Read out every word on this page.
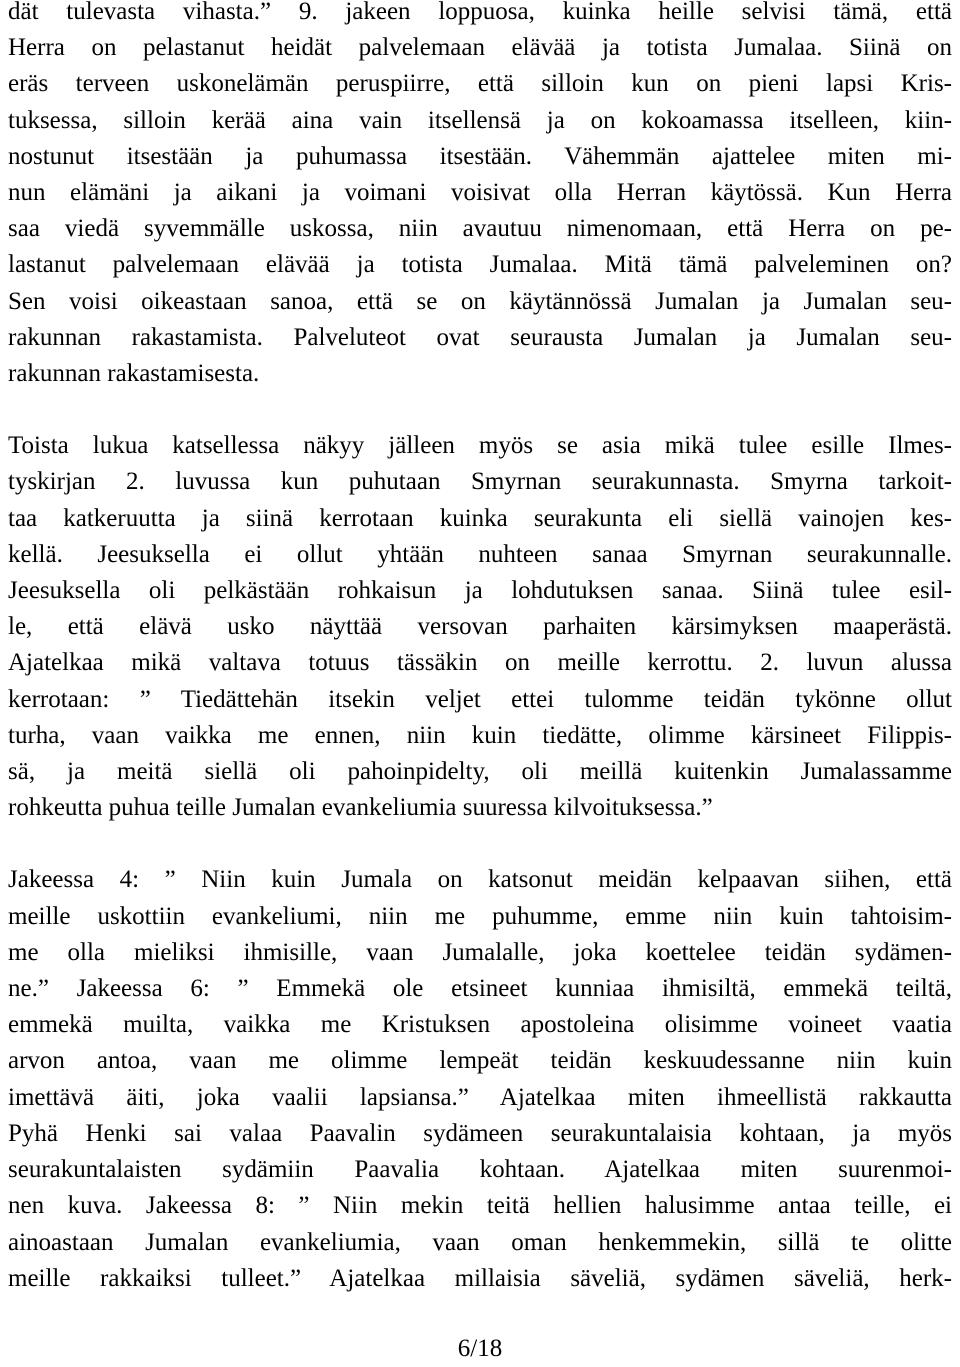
dät tulevasta vihasta.” 9. jakeen loppuosa, kuinka heille selvisi tämä, että
Herra on pelastanut heidät palvelemaan elävää ja totista Jumalaa. Siinä on
eräs terveen uskonelämän peruspiirre, että silloin kun on pieni lapsi Kris-
tuksessa, silloin kerää aina vain itsellensä ja on kokoamassa itselleen, kiin-
nostunut itsestään ja puhumassa itsestään. Vähemmän ajattelee miten mi-
nun elämäni ja aikani ja voimani voisivat olla Herran käytössä. Kun Herra
saa viedä syvemmälle uskossa, niin avautuu nimenomaan, että Herra on pe-
lastanut palvelemaan elävää ja totista Jumalaa. Mitä tämä palveleminen on?
Sen voisi oikeastaan sanoa, että se on käytännössä Jumalan ja Jumalan seu-
rakunnan rakastamista. Palveluteot ovat seurausta Jumalan ja Jumalan seu-
rakunnan rakastamisesta.
Toista lukua katsellessa näkyy jälleen myös se asia mikä tulee esille Ilmes-
tyskirjan 2. luvussa kun puhutaan Smyrnan seurakunnasta. Smyrna tarkoit-
taa katkeruutta ja siinä kerrotaan kuinka seurakunta eli siellä vainojen kes-
kellä. Jeesuksella ei ollut yhtään nuhteen sanaa Smyrnan seurakunnalle.
Jeesuksella oli pelkästään rohkaisun ja lohdutuksen sanaa. Siinä tulee esil-
le, että elävä usko näyttää versovan parhaiten kärsimyksen maaperästä.
Ajatelkaa mikä valtava totuus tässäkin on meille kerrottu. 2. luvun alussa
kerrotaan: ” Tiedättehän itsekin veljet ettei tulomme teidän tykönne ollut
turha, vaan vaikka me ennen, niin kuin tiedätte, olimme kärsineet Filippis-
sä, ja meitä siellä oli pahoinpidelty, oli meillä kuitenkin Jumalassamme
rohkeutta puhua teille Jumalan evankeliumia suuressa kilvoituksessa.”
Jakeessa 4: ” Niin kuin Jumala on katsonut meidän kelpaavan siihen, että
meille uskottiin evankeliumi, niin me puhumme, emme niin kuin tahtoisim-
me olla mieliksi ihmisille, vaan Jumalalle, joka koettelee teidän sydämen-
ne.” Jakeessa 6: ” Emmekä ole etsineet kunniaa ihmisiltä, emmekä teiltä,
emmekä muilta, vaikka me Kristuksen apostoleina olisimme voineet vaatia
arvon antoa, vaan me olimme lempeät teidän keskuudessanne niin kuin
imettävä äiti, joka vaalii lapsiansa.” Ajatelkaa miten ihmeellistä rakkautta
Pyhä Henki sai valaa Paavalin sydämeen seurakuntalaisia kohtaan, ja myös
seurakuntalaisten sydämiin Paavalia kohtaan. Ajatelkaa miten suurenmoi-
nen kuva. Jakeessa 8: ” Niin mekin teitä hellien halusimme antaa teille, ei
ainoastaan Jumalan evankeliumia, vaan oman henkemmekin, sillä te olitte
meille rakkaiksi tulleet.” Ajatelkaa millaisia säveliä, sydämen säveliä, herk-
6/18
